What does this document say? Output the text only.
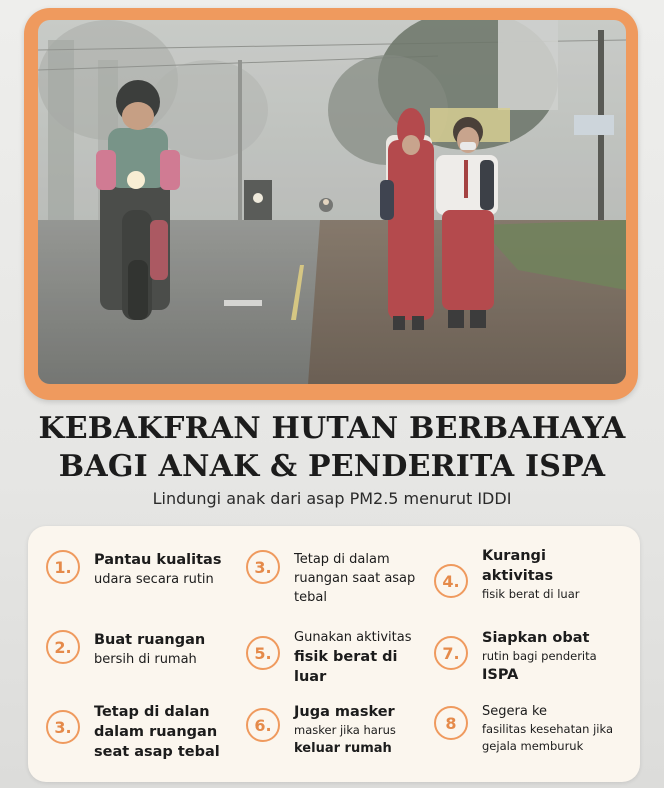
KEBAKFRAN HUTAN BERBAHAYA
BAGI ANAK & PENDERITA ISPA
Lindungi anak dari asap PM2.5 menurut IDDI
1.	Pantau kualitas
udara secara rutin
3.	Tetap di dalam
ruangan saat asap tebal
4.
Kurangi aktivitas
fisik berat di luar
2.	Buat ruangan
bersih di rumah	5.
Gunakan aktivitas
fisik berat di luar
7.
Siapkan obat
rutin bagi penderita
ISPA
3.
Tetap di dalan dalam ruangan seat asap tebal
6.
Juga masker
masker jika harus
keluar rumah
8
Segera ke
fasilitas kesehatan jika gejala memburuk
